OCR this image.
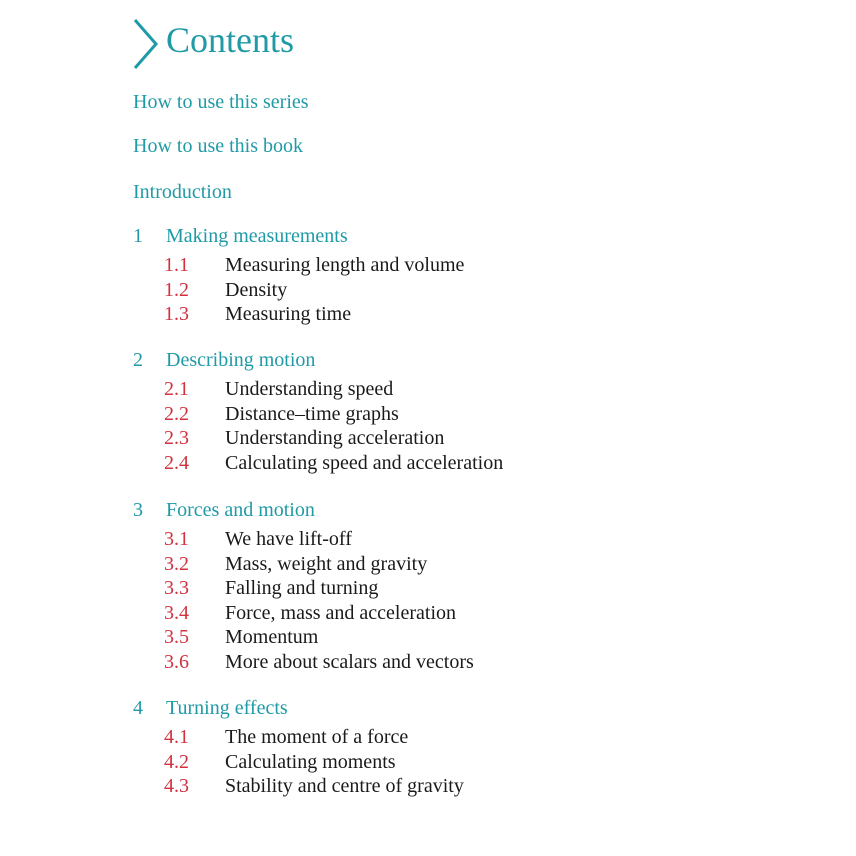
Contents
How to use this series
How to use this book
Introduction
1 Making measurements
1.1 Measuring length and volume
1.2 Density
1.3 Measuring time
2 Describing motion
2.1 Understanding speed
2.2 Distance–time graphs
2.3 Understanding acceleration
2.4 Calculating speed and acceleration
3 Forces and motion
3.1 We have lift-off
3.2 Mass, weight and gravity
3.3 Falling and turning
3.4 Force, mass and acceleration
3.5 Momentum
3.6 More about scalars and vectors
4 Turning effects
4.1 The moment of a force
4.2 Calculating moments
4.3 Stability and centre of gravity
